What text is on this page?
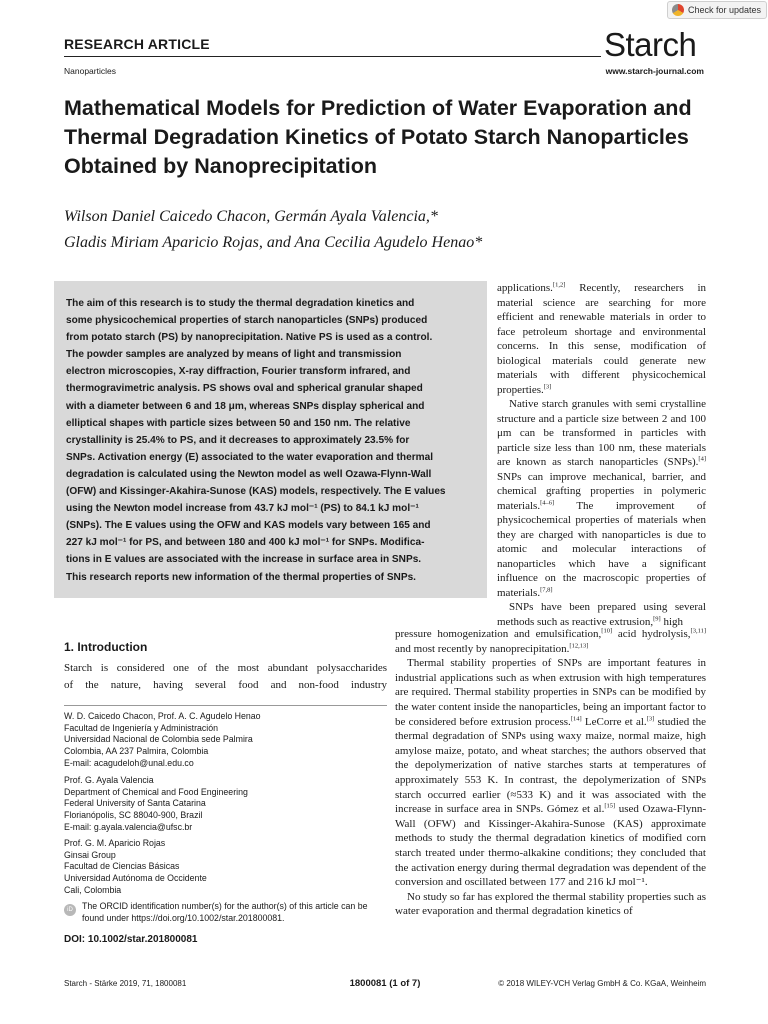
Check for updates
RESEARCH ARTICLE
Nanoparticles
Starch
www.starch-journal.com
Mathematical Models for Prediction of Water Evaporation and Thermal Degradation Kinetics of Potato Starch Nanoparticles Obtained by Nanoprecipitation
Wilson Daniel Caicedo Chacon, Germán Ayala Valencia,*
Gladis Miriam Aparicio Rojas, and Ana Cecilia Agudelo Henao*
The aim of this research is to study the thermal degradation kinetics and
some physicochemical properties of starch nanoparticles (SNPs) produced
from potato starch (PS) by nanoprecipitation. Native PS is used as a control.
The powder samples are analyzed by means of light and transmission
electron microscopies, X-ray diffraction, Fourier transform infrared, and
thermogravimetric analysis. PS shows oval and spherical granular shaped
with a diameter between 6 and 18 μm, whereas SNPs display spherical and
elliptical shapes with particle sizes between 50 and 150 nm. The relative
crystallinity is 25.4% to PS, and it decreases to approximately 23.5% for
SNPs. Activation energy (E) associated to the water evaporation and thermal
degradation is calculated using the Newton model as well Ozawa-Flynn-Wall
(OFW) and Kissinger-Akahira-Sunose (KAS) models, respectively. The E values
using the Newton model increase from 43.7 kJ mol⁻¹ (PS) to 84.1 kJ mol⁻¹
(SNPs). The E values using the OFW and KAS models vary between 165 and
227 kJ mol⁻¹ for PS, and between 180 and 400 kJ mol⁻¹ for SNPs. Modifica-
tions in E values are associated with the increase in surface area in SNPs.
This research reports new information of the thermal properties of SNPs.
1. Introduction
Starch is considered one of the most abundant polysaccharides
of the nature, having several food and non-food industry
W. D. Caicedo Chacon, Prof. A. C. Agudelo Henao
Facultad de Ingeniería y Administración
Universidad Nacional de Colombia sede Palmira
Colombia, AA 237 Palmira, Colombia
E-mail: acagudeloh@unal.edu.co
Prof. G. Ayala Valencia
Department of Chemical and Food Engineering
Federal University of Santa Catarina
Florianópolis, SC 88040-900, Brazil
E-mail: g.ayala.valencia@ufsc.br
Prof. G. M. Aparicio Rojas
Ginsai Group
Facultad de Ciencias Básicas
Universidad Autónoma de Occidente
Cali, Colombia
iD	The ORCID identification number(s) for the author(s) of this article can be found under https://doi.org/10.1002/star.201800081.
DOI: 10.1002/star.201800081

applications.[1,2] Recently, researchers in material science are searching for more efficient and renewable materials in order to face petroleum shortage and environmental concerns. In this sense, modification of biological materials could generate new materials with different physicochemical properties.[3]

Native starch granules with semi crystalline structure and a particle size between 2 and 100 μm can be transformed in particles with particle size less than 100 nm, these materials are known as starch nanoparticles (SNPs).[4] SNPs can improve mechanical, barrier, and chemical grafting properties in polymeric materials.[4–6] The improvement of physicochemical properties of materials when they are charged with nanoparticles is due to atomic and molecular interactions of nanoparticles which have a significant influence on the macroscopic properties of materials.[7,8]

SNPs have been prepared using several methods such as reactive extrusion,[9] high

pressure homogenization and emulsification,[10] acid hydrolysis,[3,11] and most recently by nanoprecipitation.[12,13]

Thermal stability properties of SNPs are important features in industrial applications such as when extrusion with high temperatures are required. Thermal stability properties in SNPs can be modified by the water content inside the nanoparticles, being an important factor to be considered before extrusion process.[14] LeCorre et al.[3] studied the thermal degradation of SNPs using waxy maize, normal maize, high amylose maize, potato, and wheat starches; the authors observed that the depolymerization of native starches starts at temperatures of approximately 553 K. In contrast, the depolymerization of SNPs starch occurred earlier (≈533 K) and it was associated with the increase in surface area in SNPs. Gómez et al.[15] used Ozawa-Flynn-Wall (OFW) and Kissinger-Akahira-Sunose (KAS) approximate methods to study the thermal degradation kinetics of modified corn starch treated under thermo-alkakine conditions; they concluded that the activation energy during thermal degradation was dependent of the conversion and oscillated between 177 and 216 kJ mol⁻¹.

No study so far has explored the thermal stability properties such as water evaporation and thermal degradation kinetics of

Starch - Stärke 2019, 71, 1800081	1800081 (1 of 7)	© 2018 WILEY-VCH Verlag GmbH & Co. KGaA, Weinheim
